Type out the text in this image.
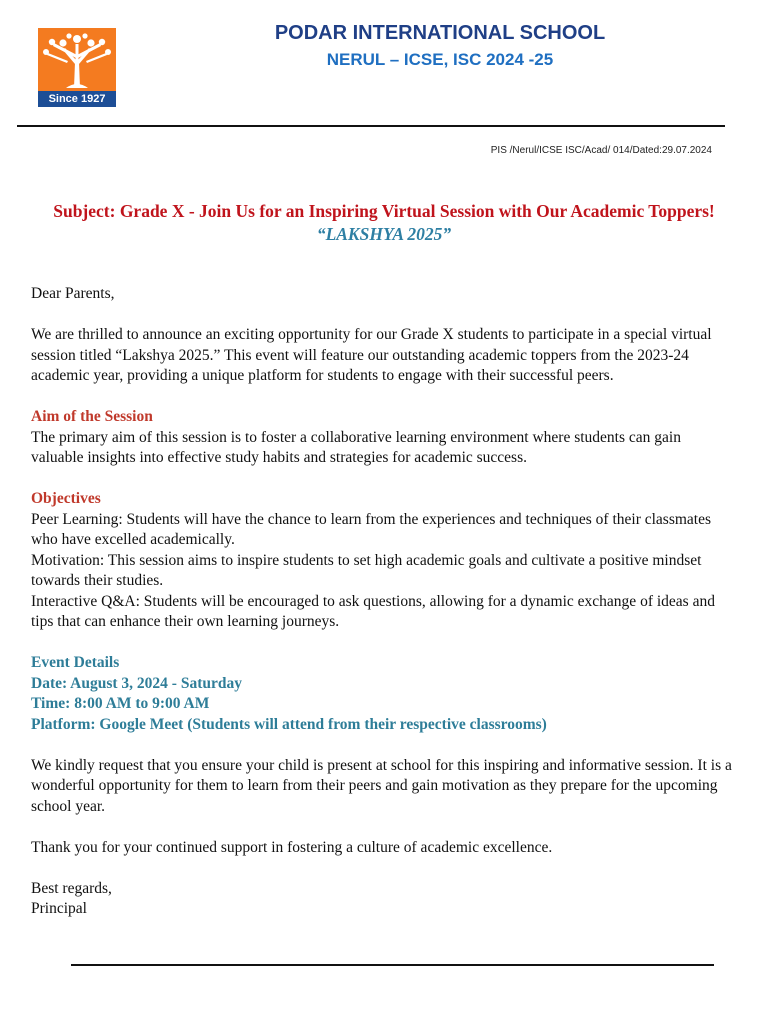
Since 1927
PODAR INTERNATIONAL SCHOOL
NERUL – ICSE, ISC 2024 -25
PIS /Nerul/ICSE ISC/Acad/ 014/Dated:29.07.2024
Subject: Grade X - Join Us for an Inspiring Virtual Session with Our Academic Toppers! “LAKSHYA 2025”

Dear Parents,

We are thrilled to announce an exciting opportunity for our Grade X students to participate in a special virtual session titled “Lakshya 2025.” This event will feature our outstanding academic toppers from the 2023-24 academic year, providing a unique platform for students to engage with their successful peers.

Aim of the Session

The primary aim of this session is to foster a collaborative learning environment where students can gain valuable insights into effective study habits and strategies for academic success.

Objectives

Peer Learning: Students will have the chance to learn from the experiences and techniques of their classmates who have excelled academically.

Motivation: This session aims to inspire students to set high academic goals and cultivate a positive mindset towards their studies.

Interactive Q&A: Students will be encouraged to ask questions, allowing for a dynamic exchange of ideas and tips that can enhance their own learning journeys.

Event Details
Date: August 3, 2024 - Saturday
Time: 8:00 AM to 9:00 AM

Platform: Google Meet (Students will attend from their respective classrooms)

We kindly request that you ensure your child is present at school for this inspiring and informative session. It is a wonderful opportunity for them to learn from their peers and gain motivation as they prepare for the upcoming school year.

Thank you for your continued support in fostering a culture of academic excellence.

Best regards,
Principal
